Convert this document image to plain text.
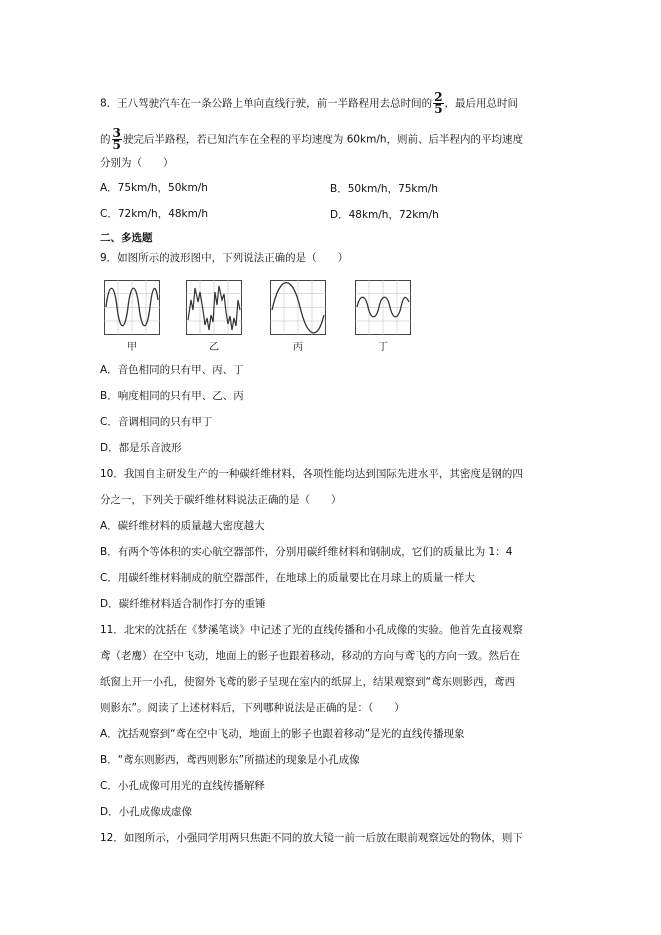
8．王八驾驶汽车在一条公路上单向直线行驶，前一半路程用去总时间的 $\frac{2}{5}$ ，最后用总时间
的 $\frac{3}{5}$ 驶完后半路程，若已知汽车在全程的平均速度为 60km/h，则前、后半程内的平均速度
分别为（　　）
A．75km/h，50km/h	B．50km/h，75km/h
C．72km/h，48km/h	D．48km/h，72km/h
二、多选题
9．如图所示的波形图中，下列说法正确的是（　　）
甲	乙	丙	丁
A．音色相同的只有甲、丙、丁
B．响度相同的只有甲、乙、丙
C．音调相同的只有甲丁
D．都是乐音波形
10．我国自主研发生产的一种碳纤维材料，各项性能均达到国际先进水平，其密度是钢的四
分之一，下列关于碳纤维材料说法正确的是（　　）
A．碳纤维材料的质量越大密度越大
B．有两个等体积的实心航空器部件，分别用碳纤维材料和钢制成，它们的质量比为 1：4
C．用碳纤维材料制成的航空器部件，在地球上的质量要比在月球上的质量一样大
D．碳纤维材料适合制作打夯的重锤
11．北宋的沈括在《梦溪笔谈》中记述了光的直线传播和小孔成像的实验。他首先直接观察
鸢（老鹰）在空中飞动，地面上的影子也跟着移动，移动的方向与鸢飞的方向一致。然后在
纸窗上开一小孔，使窗外飞鸢的影子呈现在室内的纸屏上，结果观察到“鸢东则影西，鸢西
则影东”。阅读了上述材料后，下列哪种说法是正确的是：（　　）
A．沈括观察到“鸢在空中飞动，地面上的影子也跟着移动”是光的直线传播现象
B．“鸢东则影西，鸢西则影东”所描述的现象是小孔成像
C．小孔成像可用光的直线传播解释
D．小孔成像成虚像
12．如图所示，小强同学用两只焦距不同的放大镜一前一后放在眼前观察远处的物体，则下
